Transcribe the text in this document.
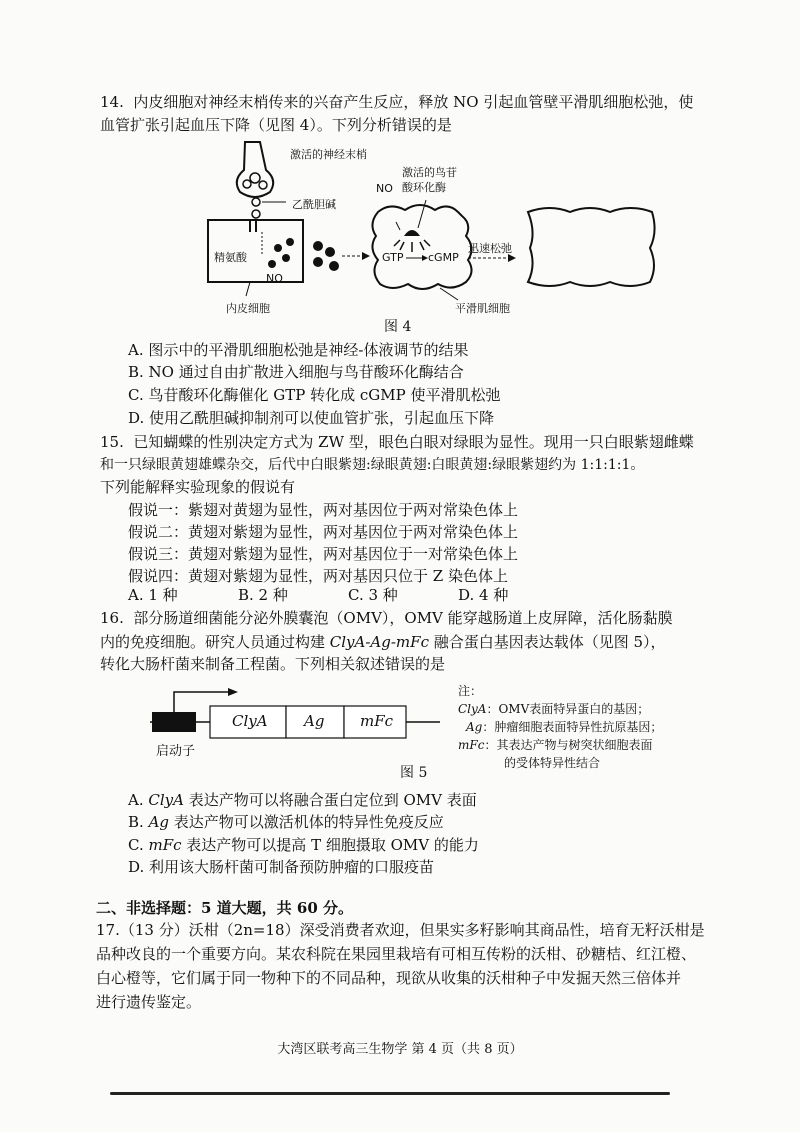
14. 内皮细胞对神经末梢传来的兴奋产生反应，释放 NO 引起血管壁平滑肌细胞松弛，使
血管扩张引起血压下降（见图 4）。下列分析错误的是
激活的神经末梢
乙酰胆碱
激活的鸟苷
酸环化酶
NO
精氨酸
NO
GTP cGMP
迅速松弛
内皮细胞	平滑肌细胞
图 4
A. 图示中的平滑肌细胞松弛是神经-体液调节的结果
B. NO 通过自由扩散进入细胞与鸟苷酸环化酶结合
C. 鸟苷酸环化酶催化 GTP 转化成 cGMP 使平滑肌松弛
D. 使用乙酰胆碱抑制剂可以使血管扩张，引起血压下降
15. 已知蝴蝶的性别决定方式为 ZW 型，眼色白眼对绿眼为显性。现用一只白眼紫翅雌蝶
和一只绿眼黄翅雄蝶杂交，后代中白眼紫翅:绿眼黄翅:白眼黄翅:绿眼紫翅约为 1:1:1:1。
下列能解释实验现象的假说有
假说一：紫翅对黄翅为显性，两对基因位于两对常染色体上
假说二：黄翅对紫翅为显性，两对基因位于两对常染色体上
假说三：黄翅对紫翅为显性，两对基因位于一对常染色体上
假说四：黄翅对紫翅为显性，两对基因只位于 Z 染色体上
A. 1 种	B. 2 种	C. 3 种	D. 4 种
16. 部分肠道细菌能分泌外膜囊泡（OMV），OMV 能穿越肠道上皮屏障，活化肠黏膜
内的免疫细胞。研究人员通过构建 ClyA-Ag-mFc 融合蛋白基因表达载体（见图 5），
转化大肠杆菌来制备工程菌。下列相关叙述错误的是
ClyA Ag mFc
启动子
注：
ClyA：OMV表面特异蛋白的基因；
Ag：肿瘤细胞表面特异性抗原基因；
mFc：其表达产物与树突状细胞表面
的受体特异性结合
图 5
A. ClyA 表达产物可以将融合蛋白定位到 OMV 表面
B. Ag 表达产物可以激活机体的特异性免疫反应
C. mFc 表达产物可以提高 T 细胞摄取 OMV 的能力
D. 利用该大肠杆菌可制备预防肿瘤的口服疫苗
二、非选择题：5 道大题，共 60 分。
17.（13 分）沃柑（2n=18）深受消费者欢迎，但果实多籽影响其商品性，培育无籽沃柑是
品种改良的一个重要方向。某农科院在果园里栽培有可相互传粉的沃柑、砂糖桔、红江橙、
白心橙等，它们属于同一物种下的不同品种，现欲从收集的沃柑种子中发掘天然三倍体并
进行遗传鉴定。
大湾区联考高三生物学 第 4 页（共 8 页）
